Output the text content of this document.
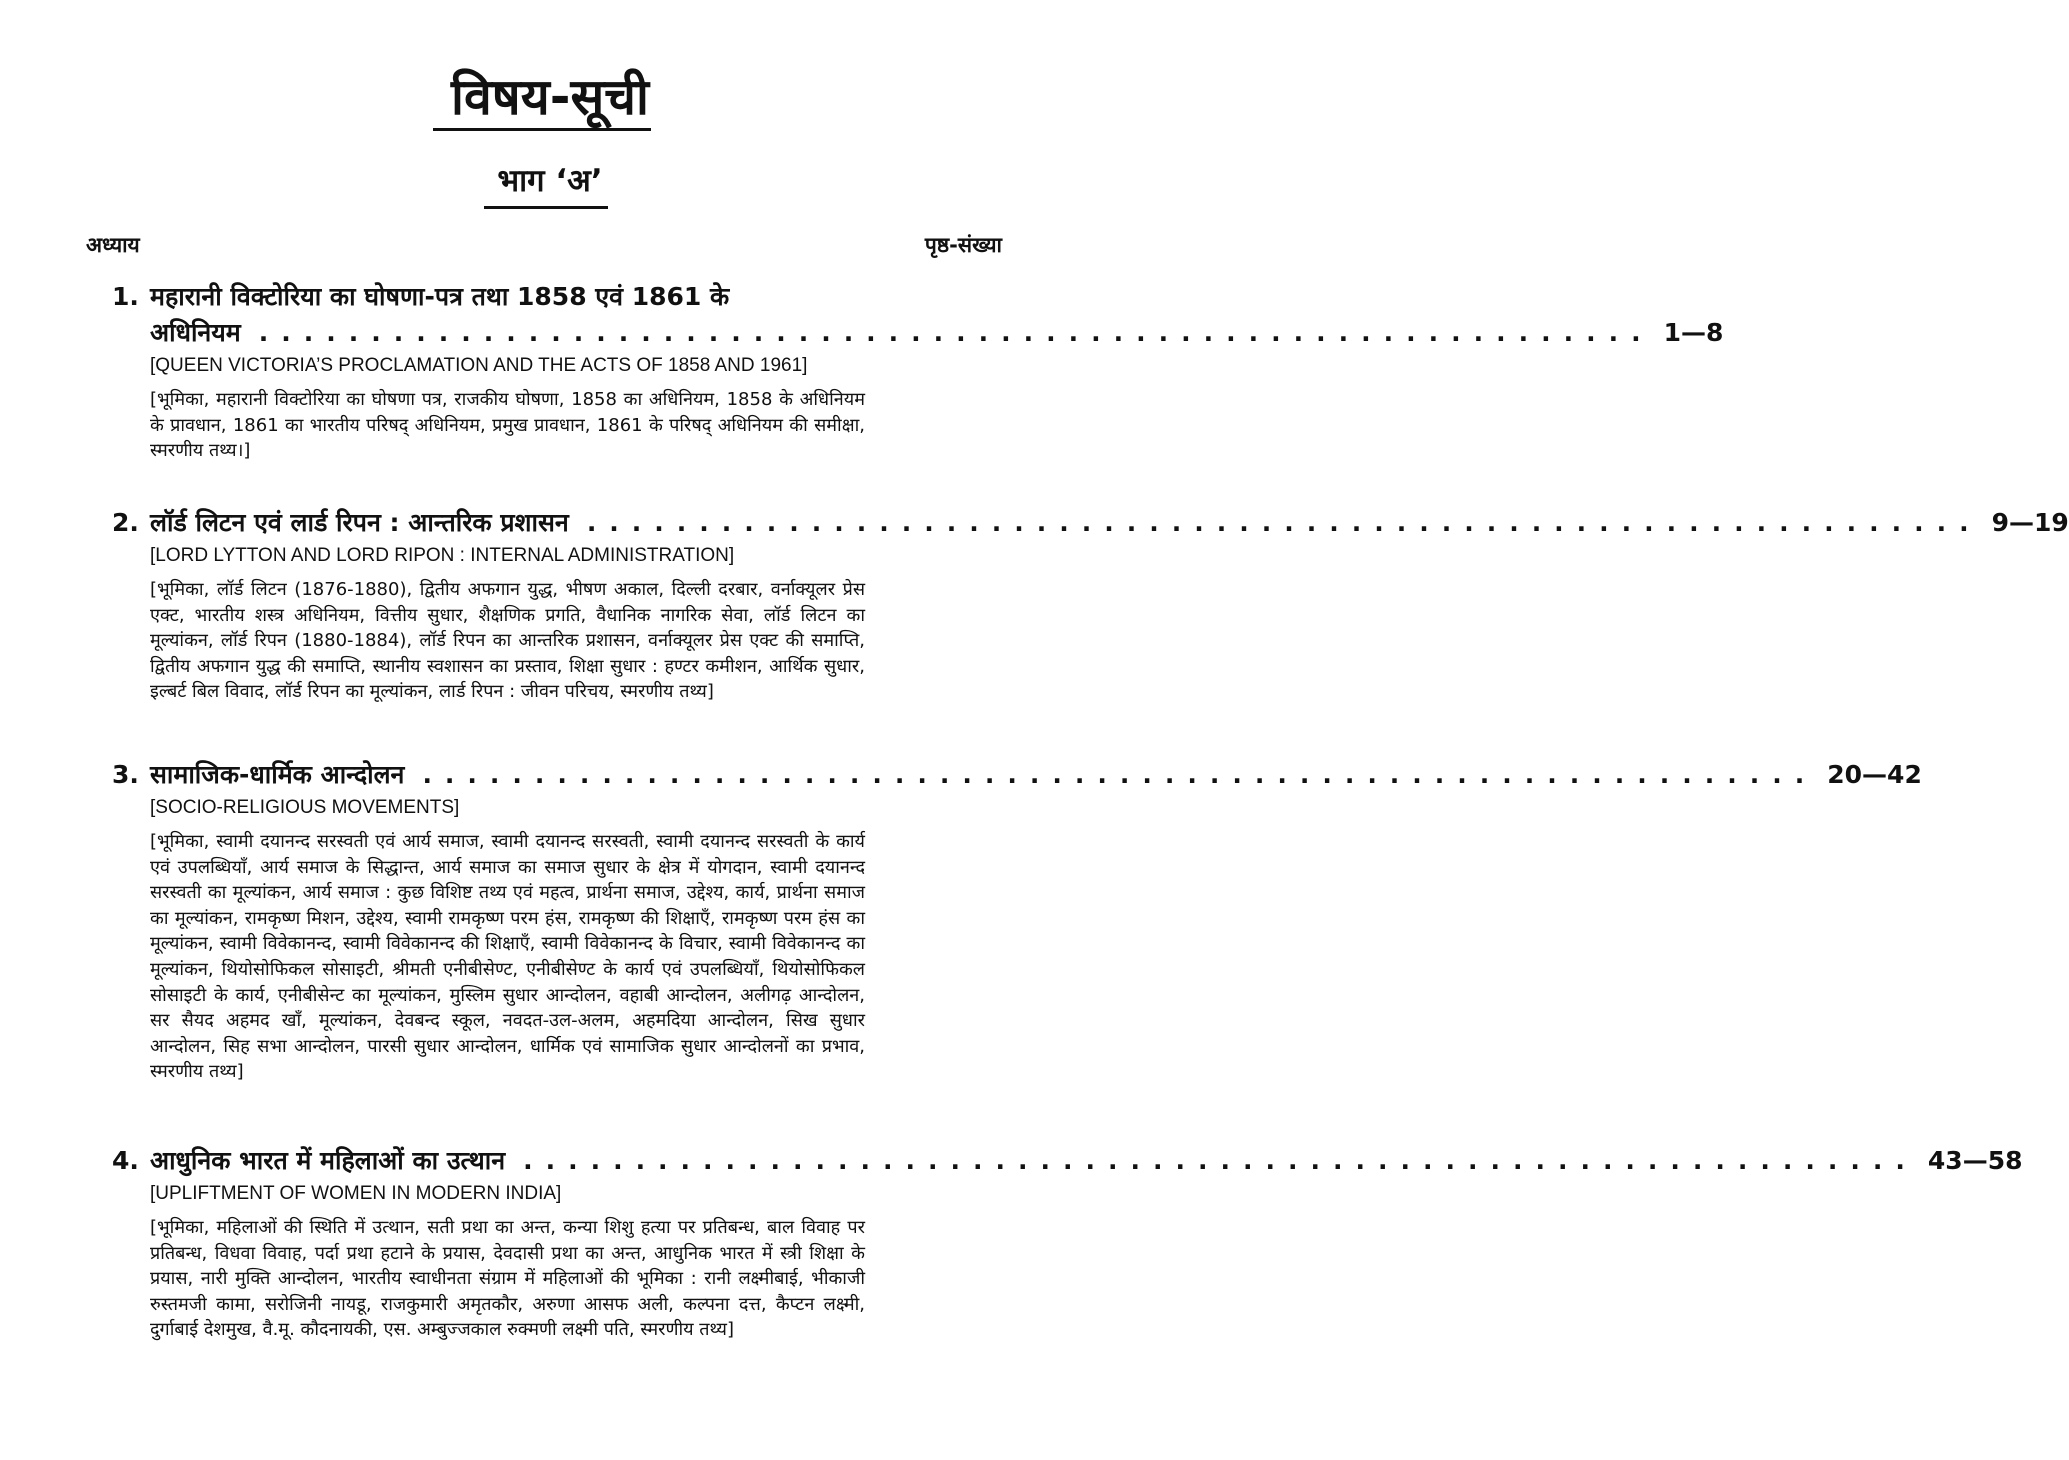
विषय-सूची
भाग ‘अ’
अध्याय	पृष्ठ-संख्या
1. महारानी विक्टोरिया का घोषणा-पत्र तथा 1858 एवं 1861 के
अधिनियम .............................................................. 1—8
[QUEEN VICTORIA’S PROCLAMATION AND THE ACTS OF 1858 AND 1961]
[भूमिका, महारानी विक्टोरिया का घोषणा पत्र, राजकीय घोषणा, 1858 का अधिनियम, 1858 के अधिनियम के प्रावधान, 1861 का भारतीय परिषद् अधिनियम, प्रमुख प्रावधान, 1861 के परिषद् अधिनियम की समीक्षा, स्मरणीय तथ्य।]
2. लॉर्ड लिटन एवं लार्ड रिपन : आन्तरिक प्रशासन .............................................................. 9—19
[LORD LYTTON AND LORD RIPON : INTERNAL ADMINISTRATION]
[भूमिका, लॉर्ड लिटन (1876-1880), द्वितीय अफगान युद्ध, भीषण अकाल, दिल्ली दरबार, वर्नाक्यूलर प्रेस एक्ट, भारतीय शस्त्र अधिनियम, वित्तीय सुधार, शैक्षणिक प्रगति, वैधानिक नागरिक सेवा, लॉर्ड लिटन का मूल्यांकन, लॉर्ड रिपन (1880-1884), लॉर्ड रिपन का आन्तरिक प्रशासन, वर्नाक्यूलर प्रेस एक्ट की समाप्ति, द्वितीय अफगान युद्ध की समाप्ति, स्थानीय स्वशासन का प्रस्ताव, शिक्षा सुधार : हण्टर कमीशन, आर्थिक सुधार, इल्बर्ट बिल विवाद, लॉर्ड रिपन का मूल्यांकन, लार्ड रिपन : जीवन परिचय, स्मरणीय तथ्य]
3. सामाजिक-धार्मिक आन्दोलन .............................................................. 20—42
[SOCIO-RELIGIOUS MOVEMENTS]
[भूमिका, स्वामी दयानन्द सरस्वती एवं आर्य समाज, स्वामी दयानन्द सरस्वती, स्वामी दयानन्द सरस्वती के कार्य एवं उपलब्धियाँ, आर्य समाज के सिद्धान्त, आर्य समाज का समाज सुधार के क्षेत्र में योगदान, स्वामी दयानन्द सरस्वती का मूल्यांकन, आर्य समाज : कुछ विशिष्ट तथ्य एवं महत्व, प्रार्थना समाज, उद्देश्य, कार्य, प्रार्थना समाज का मूल्यांकन, रामकृष्ण मिशन, उद्देश्य, स्वामी रामकृष्ण परम हंस, रामकृष्ण की शिक्षाएँ, रामकृष्ण परम हंस का मूल्यांकन, स्वामी विवेकानन्द, स्वामी विवेकानन्द की शिक्षाएँ, स्वामी विवेकानन्द के विचार, स्वामी विवेकानन्द का मूल्यांकन, थियोसोफिकल सोसाइटी, श्रीमती एनीबीसेण्ट, एनीबीसेण्ट के कार्य एवं उपलब्धियाँ, थियोसोफिकल सोसाइटी के कार्य, एनीबीसेन्ट का मूल्यांकन, मुस्लिम सुधार आन्दोलन, वहाबी आन्दोलन, अलीगढ़ आन्दोलन, सर सैयद अहमद खाँ, मूल्यांकन, देवबन्द स्कूल, नवदत-उल-अलम, अहमदिया आन्दोलन, सिख सुधार आन्दोलन, सिह सभा आन्दोलन, पारसी सुधार आन्दोलन, धार्मिक एवं सामाजिक सुधार आन्दोलनों का प्रभाव, स्मरणीय तथ्य]
4. आधुनिक भारत में महिलाओं का उत्थान .............................................................. 43—58
[UPLIFTMENT OF WOMEN IN MODERN INDIA]
[भूमिका, महिलाओं की स्थिति में उत्थान, सती प्रथा का अन्त, कन्या शिशु हत्या पर प्रतिबन्ध, बाल विवाह पर प्रतिबन्ध, विधवा विवाह, पर्दा प्रथा हटाने के प्रयास, देवदासी प्रथा का अन्त, आधुनिक भारत में स्त्री शिक्षा के प्रयास, नारी मुक्ति आन्दोलन, भारतीय स्वाधीनता संग्राम में महिलाओं की भूमिका : रानी लक्ष्मीबाई, भीकाजी रुस्तमजी कामा, सरोजिनी नायडू, राजकुमारी अमृतकौर, अरुणा आसफ अली, कल्पना दत्त, कैप्टन लक्ष्मी, दुर्गाबाई देशमुख, वै.मू. कौदनायकी, एस. अम्बुज्जकाल रुक्मणी लक्ष्मी पति, स्मरणीय तथ्य]
